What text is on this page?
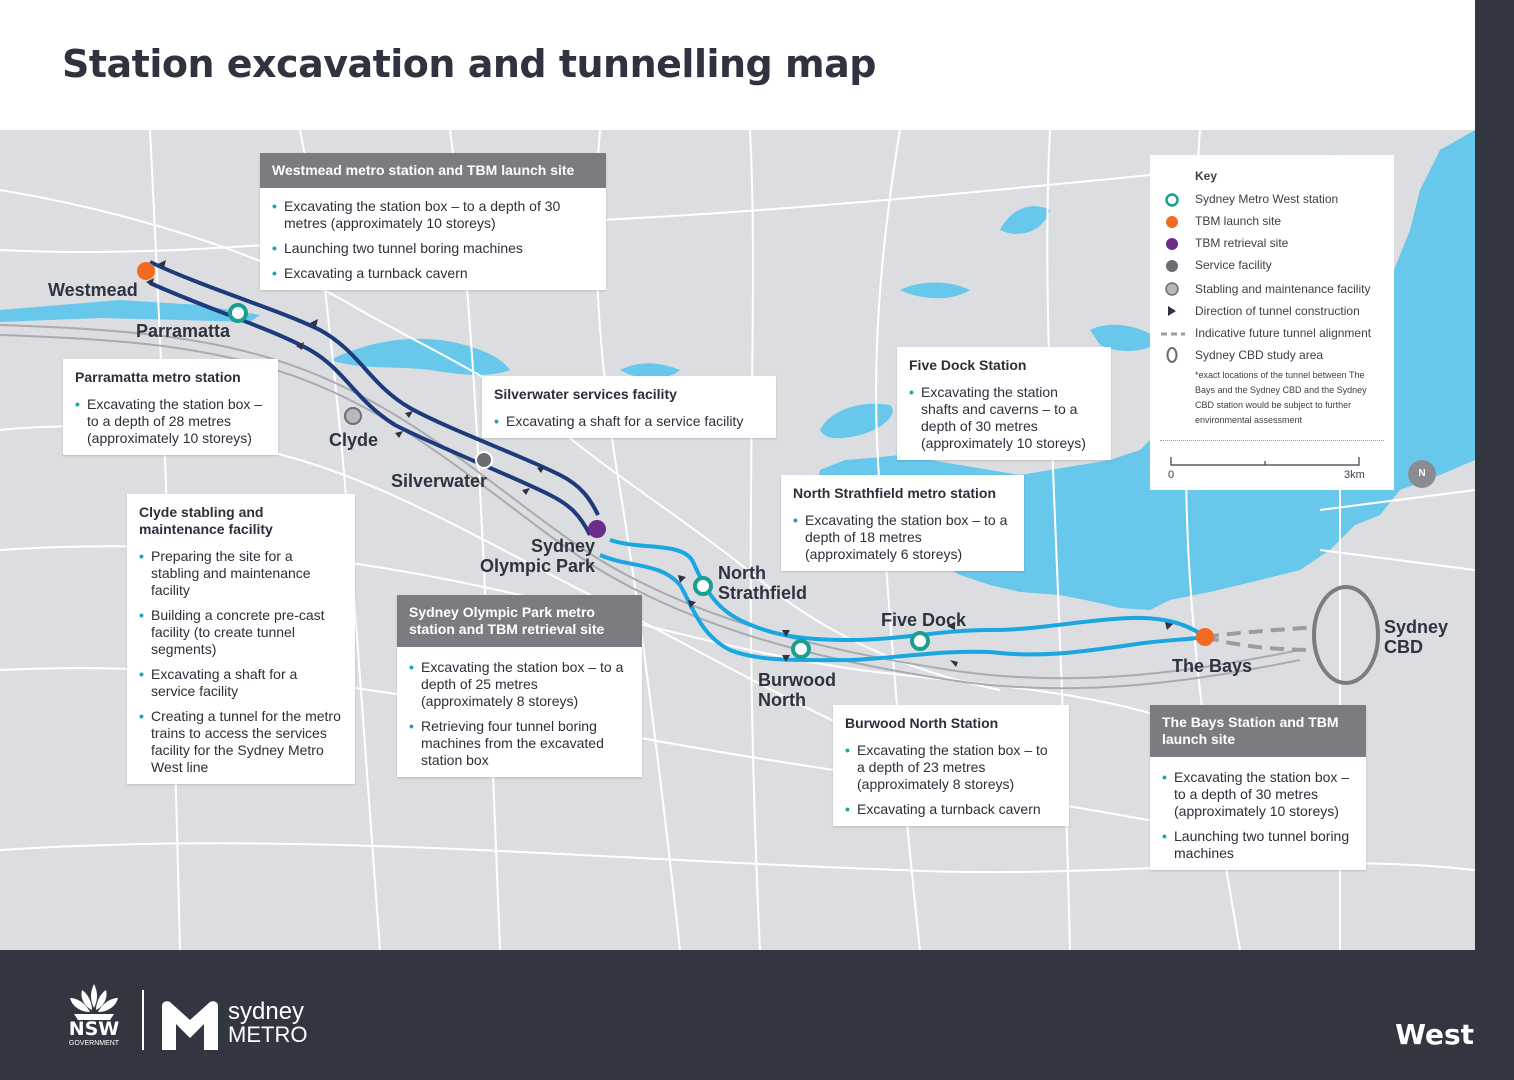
Station excavation and tunnelling map
Westmead
Parramatta
Clyde
Silverwater
Sydney
Olympic Park	North
Strathfield
Five Dock
Burwood
North
The Bays
Sydney
CBD
Westmead metro station and TBM launch site
• Excavating the station box – to a depth of 30 metres (approximately 10 storeys)
• Launching two tunnel boring machines
• Excavating a turnback cavern
Parramatta metro station
• Excavating the station box – to a depth of 28 metres (approximately 10 storeys)
Silverwater services facility
• Excavating a shaft for a service facility
Five Dock Station
• Excavating the station shafts and caverns – to a depth of 30 metres (approximately 10 storeys)
North Strathfield metro station
• Excavating the station box – to a depth of 18 metres (approximately 6 storeys)
Clyde stabling and maintenance facility
• Preparing the site for a stabling and maintenance facility
• Building a concrete pre-cast facility (to create tunnel segments)
• Excavating a shaft for a service facility
• Creating a tunnel for the metro trains to access the services facility for the Sydney Metro West line
Sydney Olympic Park metro station and TBM retrieval site
• Excavating the station box – to a depth of 25 metres (approximately 8 storeys)
• Retrieving four tunnel boring machines from the excavated station box
Burwood North Station
• Excavating the station box – to a depth of 23 metres (approximately 8 storeys)
• Excavating a turnback cavern
The Bays Station and TBM launch site
• Excavating the station box – to a depth of 30 metres (approximately 10 storeys)
• Launching two tunnel boring machines
Key
Sydney Metro West station
TBM launch site
TBM retrieval site
Service facility
Stabling and maintenance facility
Direction of tunnel construction
Indicative future tunnel alignment
Sydney CBD study area
*exact locations of the tunnel between The Bays and the Sydney CBD and the Sydney CBD station would be subject to further environmental assessment
0	3km	N
NSW
GOVERNMENT
sydney
METRO	West
